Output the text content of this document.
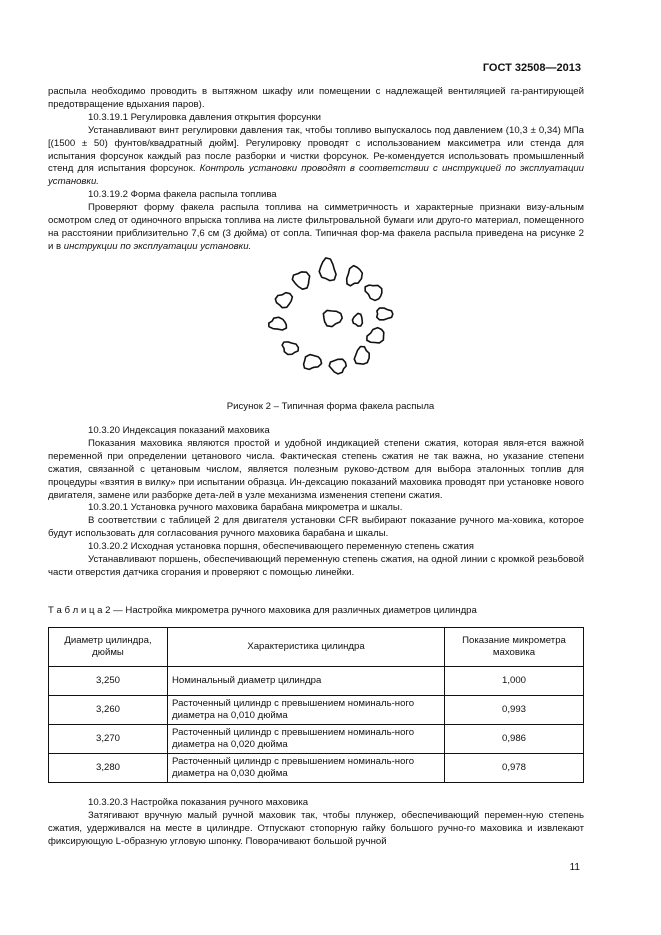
ГОСТ 32508—2013

распыла необходимо проводить в вытяжном шкафу или помещении с надлежащей вентиляцией га-рантирующей предотвращение вдыхания паров).

10.3.19.1 Регулировка давления открытия форсунки

Устанавливают винт регулировки давления так, чтобы топливо выпускалось под давлением (10,3 ± 0,34) МПа [(1500 ± 50) фунтов/квадратный дюйм]. Регулировку проводят с использованием максиметра или стенда для испытания форсунок каждый раз после разборки и чистки форсунок. Ре-комендуется использовать промышленный стенд для испытания форсунок. Контроль установки проводят в соответствии с инструкцией по эксплуатации установки.

10.3.19.2 Форма факела распыла топлива

Проверяют форму факела распыла топлива на симметричность и характерные признаки визу-альным осмотром след от одиночного впрыска топлива на листе фильтровальной бумаги или друго-го материал, помещенного на расстоянии приблизительно 7,6 см (3 дюйма) от сопла. Типичная фор-ма факела распыла приведена на рисунке 2 и в инструкции по эксплуатации установки.

Рисунок 2 – Типичная форма факела распыла

10.3.20 Индексация показаний маховика

Показания маховика являются простой и удобной индикацией степени сжатия, которая явля-ется важной переменной при определении цетанового числа. Фактическая степень сжатия не так важна, но указание степени сжатия, связанной с цетановым числом, является полезным руково-дством для выбора эталонных топлив для процедуры «взятия в вилку» при испытании образца. Ин-дексацию показаний маховика проводят при установке нового двигателя, замене или разборке дета-лей в узле механизма изменения степени сжатия.

10.3.20.1 Установка ручного маховика барабана микрометра и шкалы.

В соответствии с таблицей 2 для двигателя установки CFR выбирают показание ручного ма-ховика, которое будут использовать для согласования ручного маховика барабана и шкалы.

10.3.20.2 Исходная установка поршня, обеспечивающего переменную степень сжатия

Устанавливают поршень, обеспечивающий переменную степень сжатия, на одной линии с кромкой резьбовой части отверстия датчика сгорания и проверяют с помощью линейки.

Т а б л и ц а 2 — Настройка микрометра ручного маховика для различных диаметров цилиндра
Диаметр цилиндра, дюймы	Характеристика цилиндра	Показание микрометра маховика
3,250	Номинальный диаметр цилиндра	1,000
3,260	Расточенный цилиндр с превышением номиналь-ного диаметра на 0,010 дюйма	0,993
3,270	Расточенный цилиндр с превышением номиналь-ного диаметра на 0,020 дюйма	0,986
3,280	Расточенный цилиндр с превышением номиналь-ного диаметра на 0,030 дюйма	0,978

10.3.20.3 Настройка показания ручного маховика

Затягивают вручную малый ручной маховик так, чтобы плунжер, обеспечивающий перемен-ную степень сжатия, удерживался на месте в цилиндре. Отпускают стопорную гайку большого ручно-го маховика и извлекают фиксирующую L-образную угловую шпонку. Поворачивают большой ручной

11
